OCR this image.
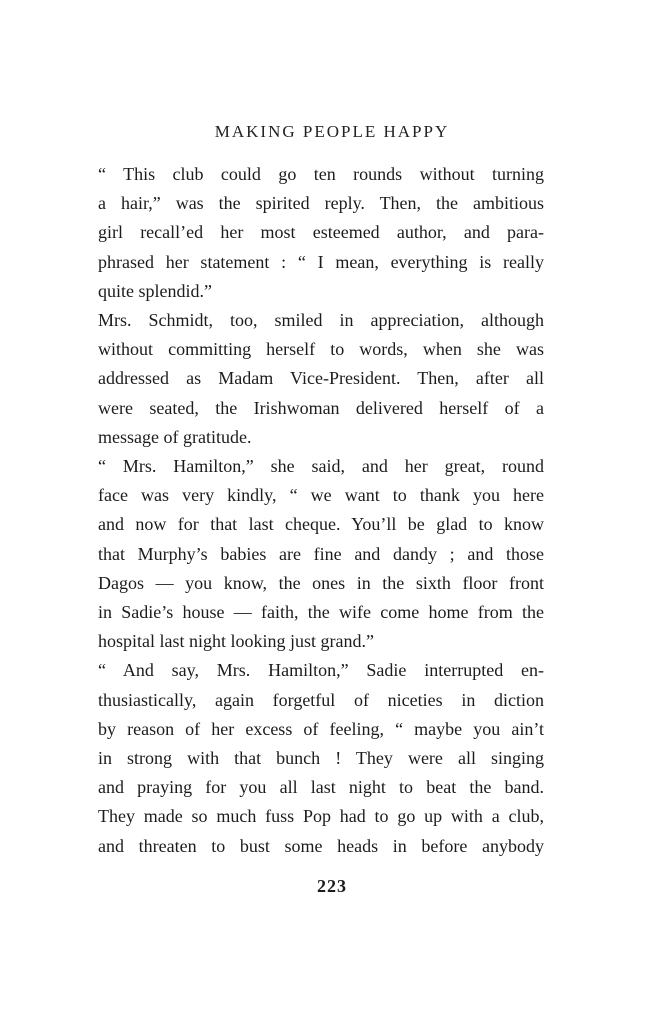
MAKING PEOPLE HAPPY

“ This club could go ten rounds without turning
a hair,” was the spirited reply. Then, the ambitious
girl recall’ed her most esteemed author, and para-
phrased her statement : “ I mean, everything is really
quite splendid.”

Mrs. Schmidt, too, smiled in appreciation, although
without committing herself to words, when she was
addressed as Madam Vice-President. Then, after all
were seated, the Irishwoman delivered herself of a
message of gratitude.

“ Mrs. Hamilton,” she said, and her great, round
face was very kindly, “ we want to thank you here
and now for that last cheque. You’ll be glad to know
that Murphy’s babies are fine and dandy ; and those
Dagos — you know, the ones in the sixth floor front
in Sadie’s house — faith, the wife come home from the
hospital last night looking just grand.”

“ And say, Mrs. Hamilton,” Sadie interrupted en-
thusiastically, again forgetful of niceties in diction
by reason of her excess of feeling, “ maybe you ain’t
in strong with that bunch ! They were all singing
and praying for you all last night to beat the band.
They made so much fuss Pop had to go up with a club,
and threaten to bust some heads in before anybody

223
